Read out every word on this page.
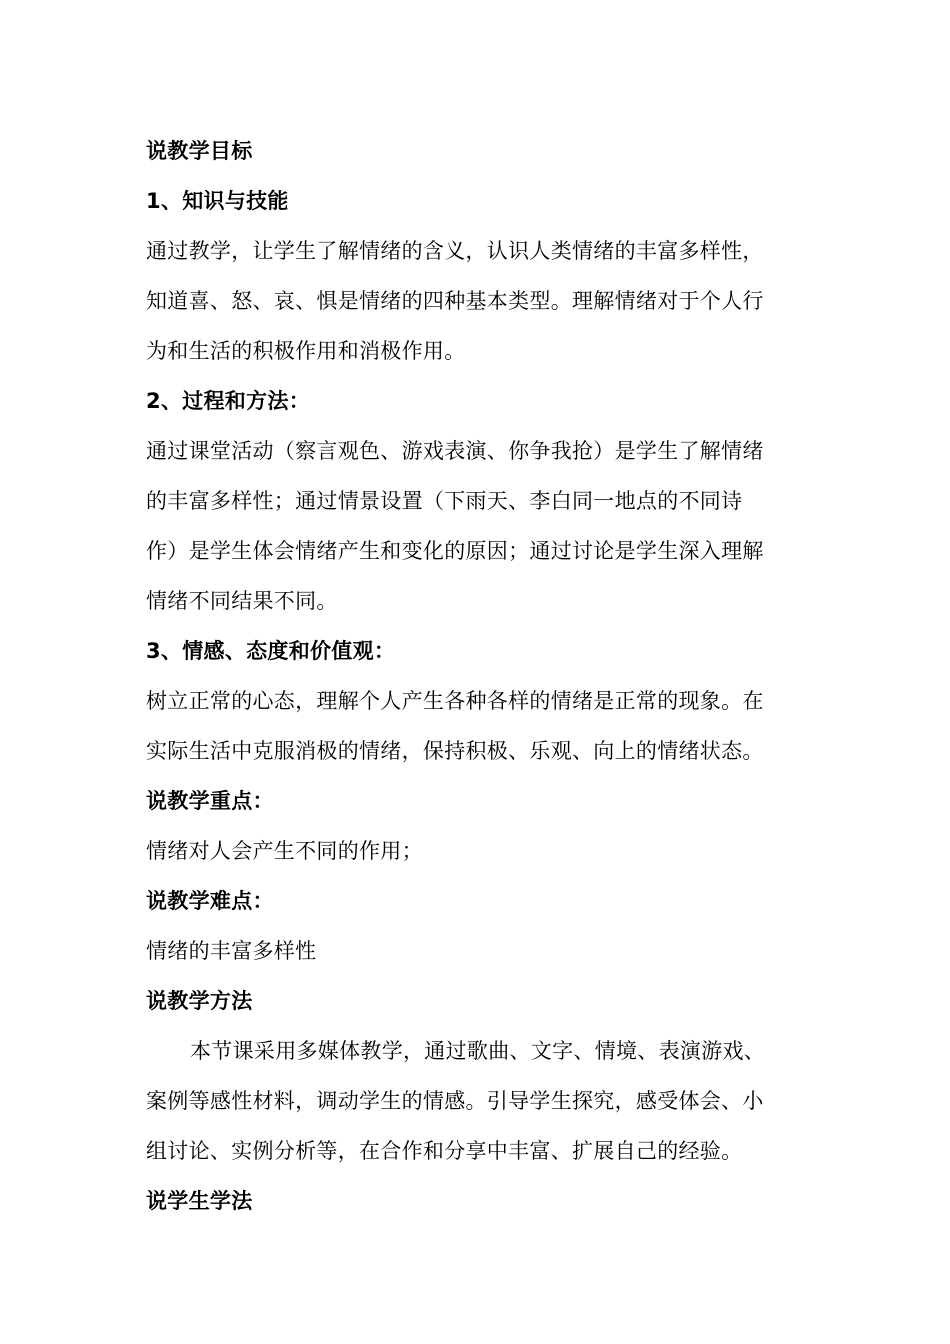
说教学目标
1、知识与技能
通过教学，让学生了解情绪的含义，认识人类情绪的丰富多样性，
知道喜、怒、哀、惧是情绪的四种基本类型。理解情绪对于个人行
为和生活的积极作用和消极作用。
2、过程和方法：
通过课堂活动（察言观色、游戏表演、你争我抢）是学生了解情绪
的丰富多样性；通过情景设置（下雨天、李白同一地点的不同诗
作）是学生体会情绪产生和变化的原因；通过讨论是学生深入理解
情绪不同结果不同。
3、情感、态度和价值观：
树立正常的心态，理解个人产生各种各样的情绪是正常的现象。在
实际生活中克服消极的情绪，保持积极、乐观、向上的情绪状态。
说教学重点：
情绪对人会产生不同的作用；
说教学难点：
情绪的丰富多样性
说教学方法
本节课采用多媒体教学，通过歌曲、文字、情境、表演游戏、
案例等感性材料，调动学生的情感。引导学生探究，感受体会、小
组讨论、实例分析等，在合作和分享中丰富、扩展自己的经验。
说学生学法
